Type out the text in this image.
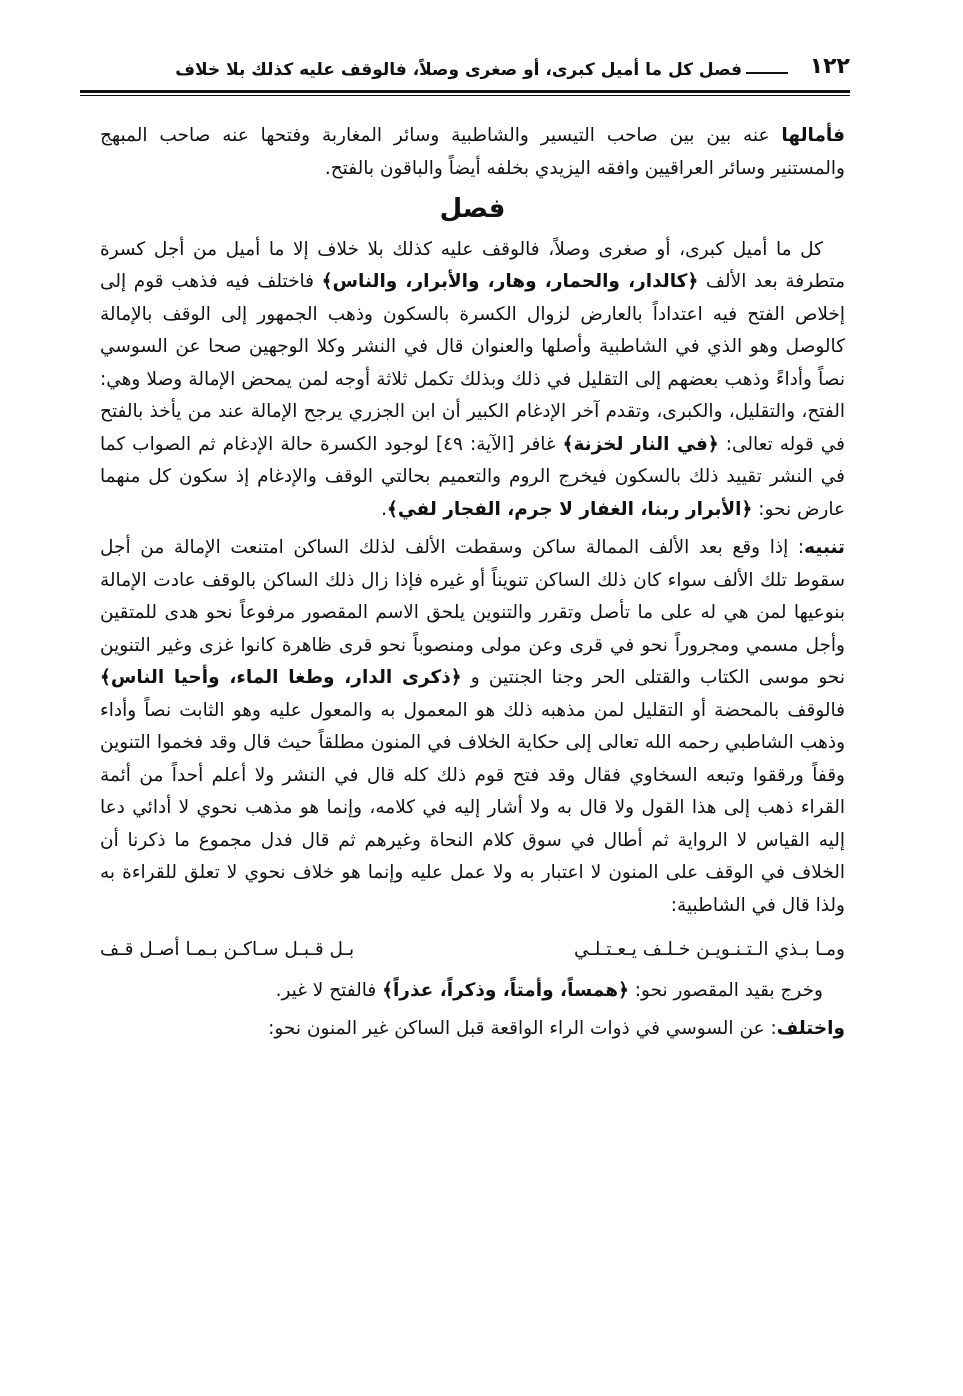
١٢٢
فصل كل ما أميل كبرى، أو صغرى وصلاً، فالوقف عليه كذلك بلا خلاف

فأمالها عنه بين بين صاحب التيسير والشاطبية وسائر المغاربة وفتحها عنه صاحب المبهج والمستنير وسائر العراقيين وافقه اليزيدي بخلفه أيضاً والباقون بالفتح.

فصل

كل ما أميل كبرى، أو صغرى وصلاً، فالوقف عليه كذلك بلا خلاف إلا ما أميل من أجل كسرة متطرفة بعد الألف ﴿كالدار، والحمار، وهار، والأبرار، والناس﴾ فاختلف فيه فذهب قوم إلى إخلاص الفتح فيه اعتداداً بالعارض لزوال الكسرة بالسكون وذهب الجمهور إلى الوقف بالإمالة كالوصل وهو الذي في الشاطبية وأصلها والعنوان قال في النشر وكلا الوجهين صحا عن السوسي نصاً وأداءً وذهب بعضهم إلى التقليل في ذلك وبذلك تكمل ثلاثة أوجه لمن يمحض الإمالة وصلا وهي: الفتح، والتقليل، والكبرى، وتقدم آخر الإدغام الكبير أن ابن الجزري يرجح الإمالة عند من يأخذ بالفتح في قوله تعالى: ﴿في النار لخزنة﴾ غافر [الآية: ٤٩] لوجود الكسرة حالة الإدغام ثم الصواب كما في النشر تقييد ذلك بالسكون فيخرج الروم والتعميم بحالتي الوقف والإدغام إذ سكون كل منهما عارض نحو: ﴿الأبرار ربنا، الغفار لا جرم، الفجار لفي﴾.

تنبيه: إذا وقع بعد الألف الممالة ساكن وسقطت الألف لذلك الساكن امتنعت الإمالة من أجل سقوط تلك الألف سواء كان ذلك الساكن تنويناً أو غيره فإذا زال ذلك الساكن بالوقف عادت الإمالة بنوعيها لمن هي له على ما تأصل وتقرر والتنوين يلحق الاسم المقصور مرفوعاً نحو هدى للمتقين وأجل مسمي ومجروراً نحو في قرى وعن مولى ومنصوباً نحو قرى ظاهرة كانوا غزى وغير التنوين نحو موسى الكتاب والقتلى الحر وجنا الجنتين و ﴿ذكرى الدار، وطغا الماء، وأحيا الناس﴾ فالوقف بالمحضة أو التقليل لمن مذهبه ذلك هو المعمول به والمعول عليه وهو الثابت نصاً وأداء وذهب الشاطبي رحمه الله تعالى إلى حكاية الخلاف في المنون مطلقاً حيث قال وقد فخموا التنوين وقفاً ورققوا وتبعه السخاوي فقال وقد فتح قوم ذلك كله قال في النشر ولا أعلم أحداً من أئمة القراء ذهب إلى هذا القول ولا قال به ولا أشار إليه في كلامه، وإنما هو مذهب نحوي لا أدائي دعا إليه القياس لا الرواية ثم أطال في سوق كلام النحاة وغيرهم ثم قال فدل مجموع ما ذكرنا أن الخلاف في الوقف على المنون لا اعتبار به ولا عمل عليه وإنما هو خلاف نحوي لا تعلق للقراءة به ولذا قال في الشاطبية:

ومـا بـذي الـتـنـويـن خـلـف يـعـتـلـي
بـل قـبـل سـاكـن بـمـا أصـل قـف

وخرج بقيد المقصور نحو: ﴿همساً، وأمتاً، وذكراً، عذراً﴾ فالفتح لا غير.

واختلف: عن السوسي في ذوات الراء الواقعة قبل الساكن غير المنون نحو:
